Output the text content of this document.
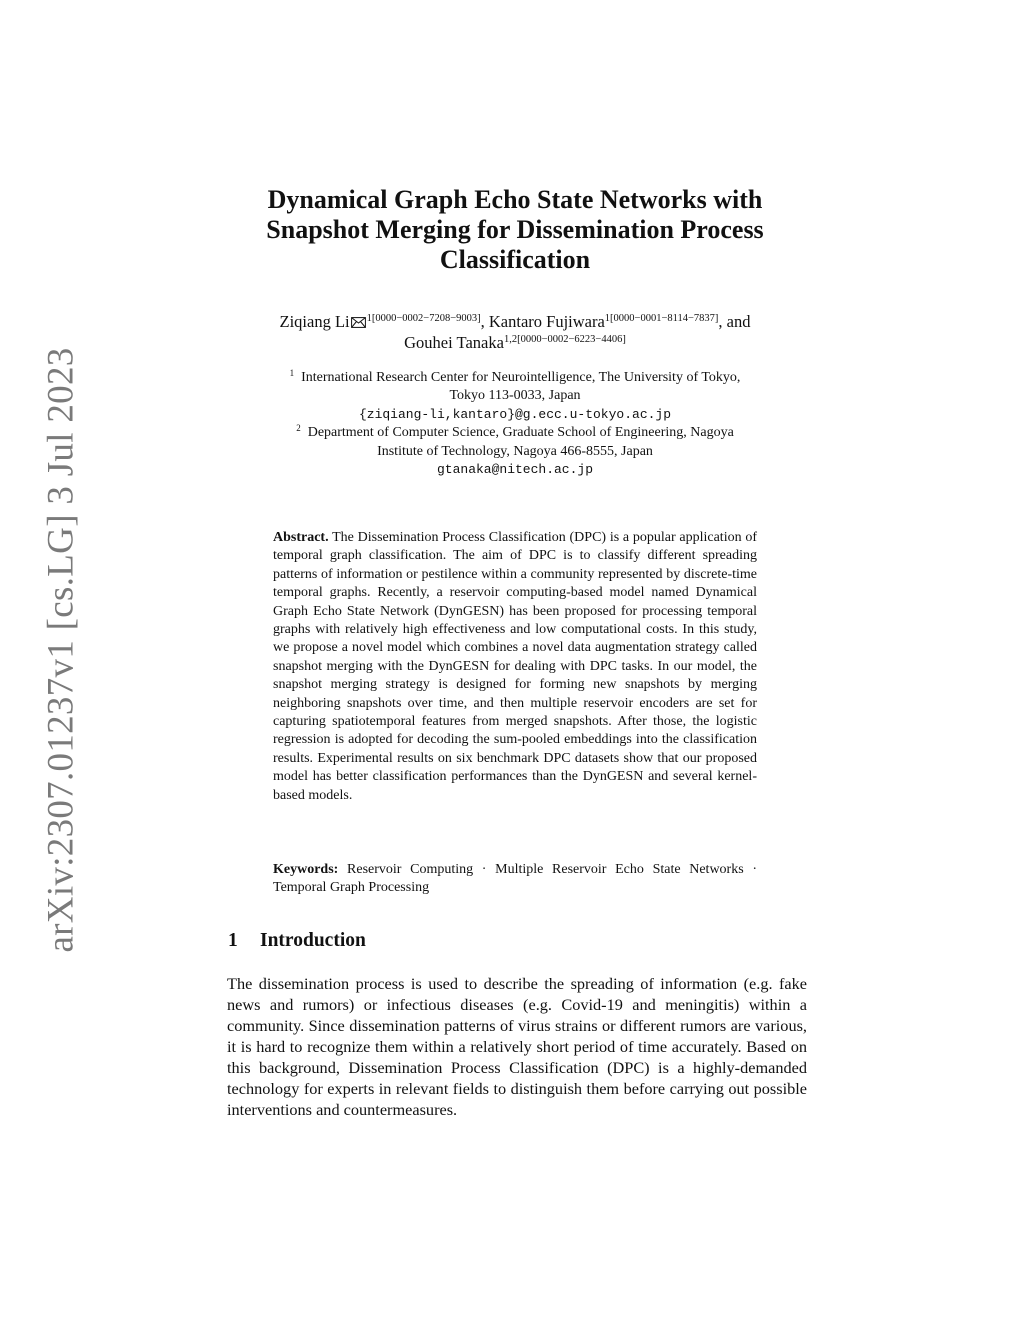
arXiv:2307.01237v1 [cs.LG] 3 Jul 2023
Dynamical Graph Echo State Networks with
Snapshot Merging for Dissemination Process
Classification
Ziqiang Li $^{1[0000-0002-7208-9003]}$, Kantaro Fujiwara$^{1[0000-0001-8114-7837]}$, and
Gouhei Tanaka$^{1,2[0000-0002-6223-4406]}$
$^1$ International Research Center for Neurointelligence, The University of Tokyo,
Tokyo 113-0033, Japan
{ziqiang-li,kantaro}@g.ecc.u-tokyo.ac.jp
$^2$ Department of Computer Science, Graduate School of Engineering, Nagoya
Institute of Technology, Nagoya 466-8555, Japan
gtanaka@nitech.ac.jp
Abstract. The Dissemination Process Classification (DPC) is a popular application of temporal graph classification. The aim of DPC is to classify different spreading patterns of information or pestilence within a community represented by discrete-time temporal graphs. Recently, a reservoir computing-based model named Dynamical Graph Echo State Network (DynGESN) has been proposed for processing temporal graphs with relatively high effectiveness and low computational costs. In this study, we propose a novel model which combines a novel data augmentation strategy called snapshot merging with the DynGESN for dealing with DPC tasks. In our model, the snapshot merging strategy is designed for forming new snapshots by merging neighboring snapshots over time, and then multiple reservoir encoders are set for capturing spatiotemporal features from merged snapshots. After those, the logistic regression is adopted for decoding the sum-pooled embeddings into the classification results. Experimental results on six benchmark DPC datasets show that our proposed model has better classification performances than the DynGESN and several kernel-based models.
Keywords: Reservoir Computing · Multiple Reservoir Echo State Networks · Temporal Graph Processing
1 Introduction
The dissemination process is used to describe the spreading of information (e.g. fake news and rumors) or infectious diseases (e.g. Covid-19 and meningitis) within a community. Since dissemination patterns of virus strains or different rumors are various, it is hard to recognize them within a relatively short period of time accurately. Based on this background, Dissemination Process Classification (DPC) is a highly-demanded technology for experts in relevant fields to distinguish them before carrying out possible interventions and countermeasures.
